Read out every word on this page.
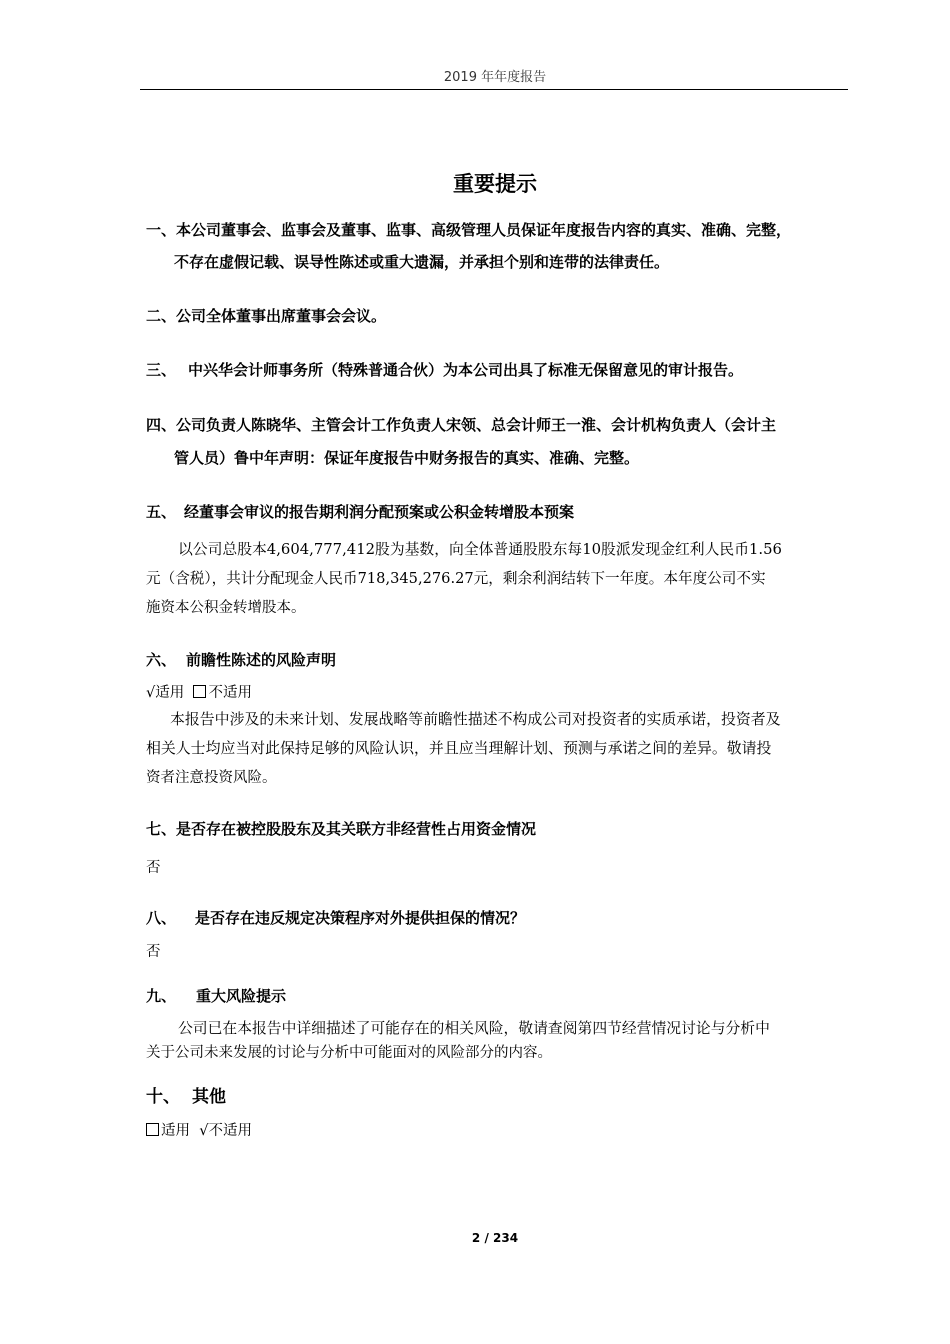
2019 年年度报告
重要提示

一、本公司董事会、监事会及董事、监事、高级管理人员保证年度报告内容的真实、准确、完整，

不存在虚假记载、误导性陈述或重大遗漏，并承担个别和连带的法律责任。

二、公司全体董事出席董事会会议。

三、 中兴华会计师事务所（特殊普通合伙）为本公司出具了标准无保留意见的审计报告。

四、公司负责人陈晓华、主管会计工作负责人宋领、总会计师王一淮、会计机构负责人（会计主

管人员）鲁中年声明：保证年度报告中财务报告的真实、准确、完整。

五、 经董事会审议的报告期利润分配预案或公积金转增股本预案

以公司总股本4,604,777,412股为基数，向全体普通股股东每10股派发现金红利人民币1.56

元（含税），共计分配现金人民币718,345,276.27元，剩余利润结转下一年度。本年度公司不实

施资本公积金转增股本。

六、 前瞻性陈述的风险声明

√适用 不适用

本报告中涉及的未来计划、发展战略等前瞻性描述不构成公司对投资者的实质承诺，投资者及

相关人士均应当对此保持足够的风险认识，并且应当理解计划、预测与承诺之间的差异。敬请投

资者注意投资风险。

七、是否存在被控股股东及其关联方非经营性占用资金情况

否

八、 是否存在违反规定决策程序对外提供担保的情况？

否

九、 重大风险提示

公司已在本报告中详细描述了可能存在的相关风险，敬请查阅第四节经营情况讨论与分析中

关于公司未来发展的讨论与分析中可能面对的风险部分的内容。

十、 其他

适用 √不适用

2 / 234
